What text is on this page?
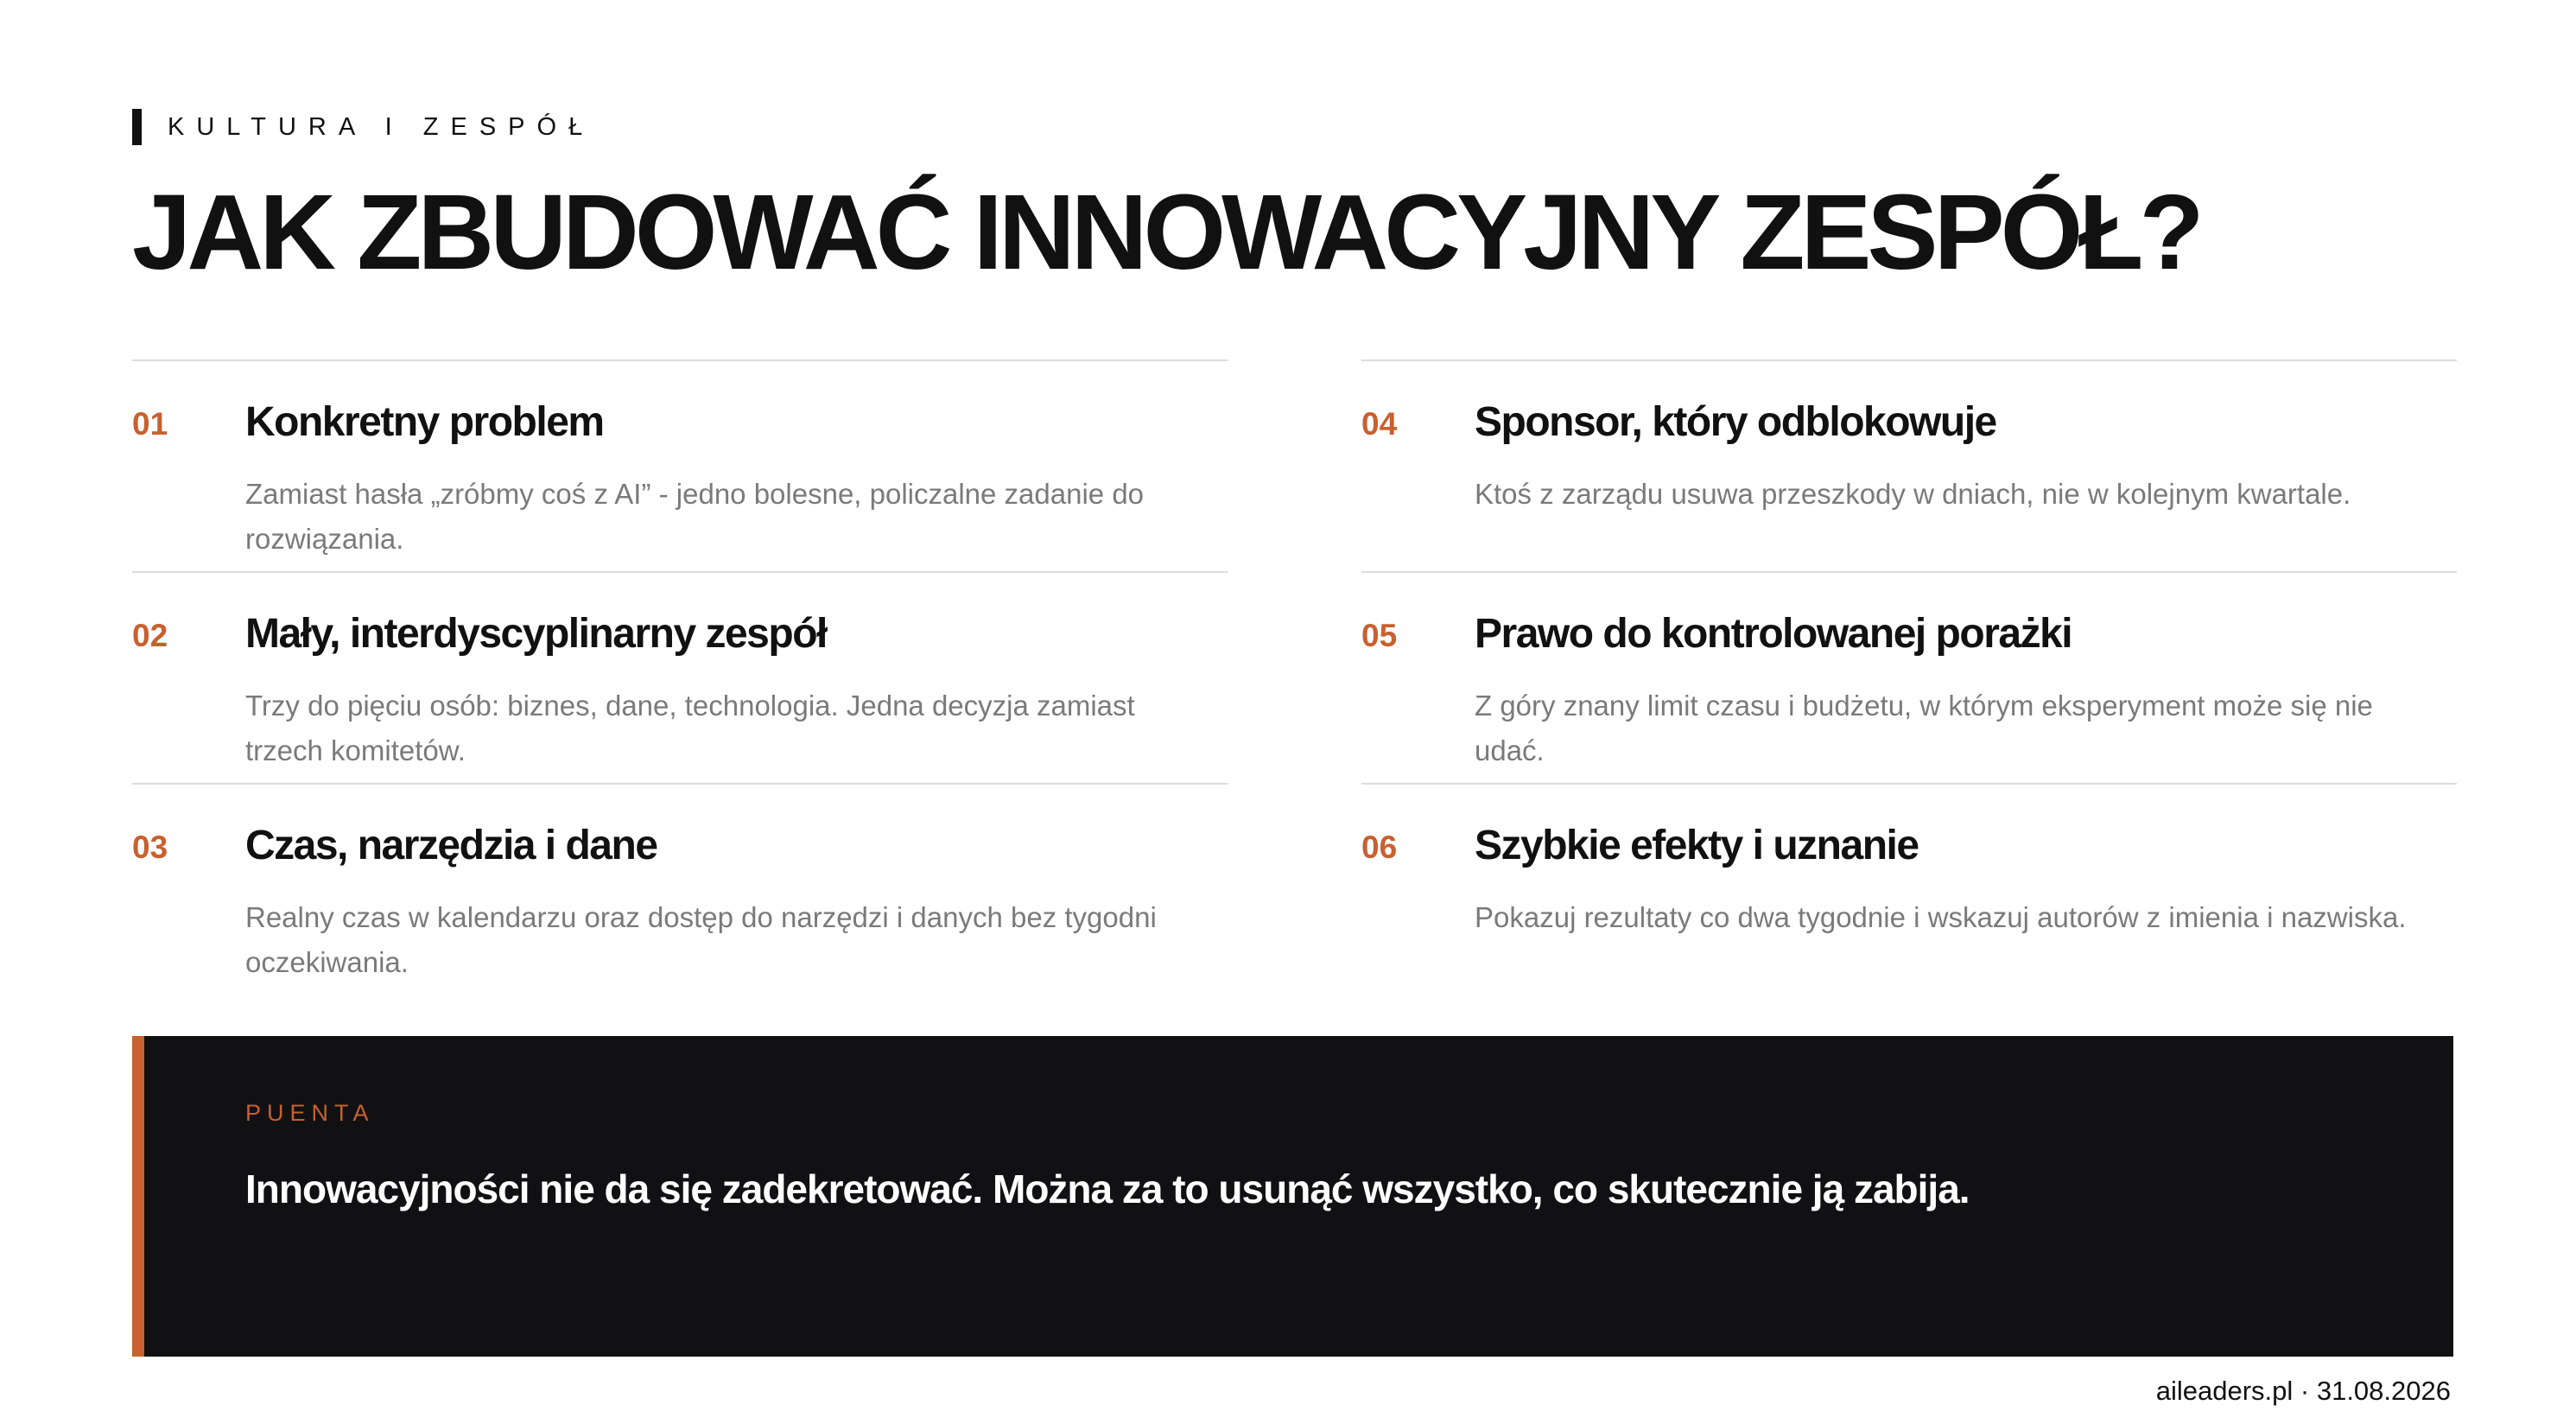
KULTURA I ZESPÓŁ
JAK ZBUDOWAĆ INNOWACYJNY ZESPÓŁ?
01 Konkretny problem

Zamiast hasła „zróbmy coś z AI” - jedno bolesne, policzalne zadanie do rozwiązania.

02 Mały, interdyscyplinarny zespół

Trzy do pięciu osób: biznes, dane, technologia. Jedna decyzja zamiast trzech komitetów.

03 Czas, narzędzia i dane

Realny czas w kalendarzu oraz dostęp do narzędzi i danych bez tygodni oczekiwania.

04 Sponsor, który odblokowuje

Ktoś z zarządu usuwa przeszkody w dniach, nie w kolejnym kwartale.

05 Prawo do kontrolowanej porażki

Z góry znany limit czasu i budżetu, w którym eksperyment może się nie udać.

06 Szybkie efekty i uznanie

Pokazuj rezultaty co dwa tygodnie i wskazuj autorów z imienia i nazwiska.

PUENTA

Innowacyjności nie da się zadekretować. Można za to usunąć wszystko, co skutecznie ją zabija.

aileaders.pl · 31.08.2026
